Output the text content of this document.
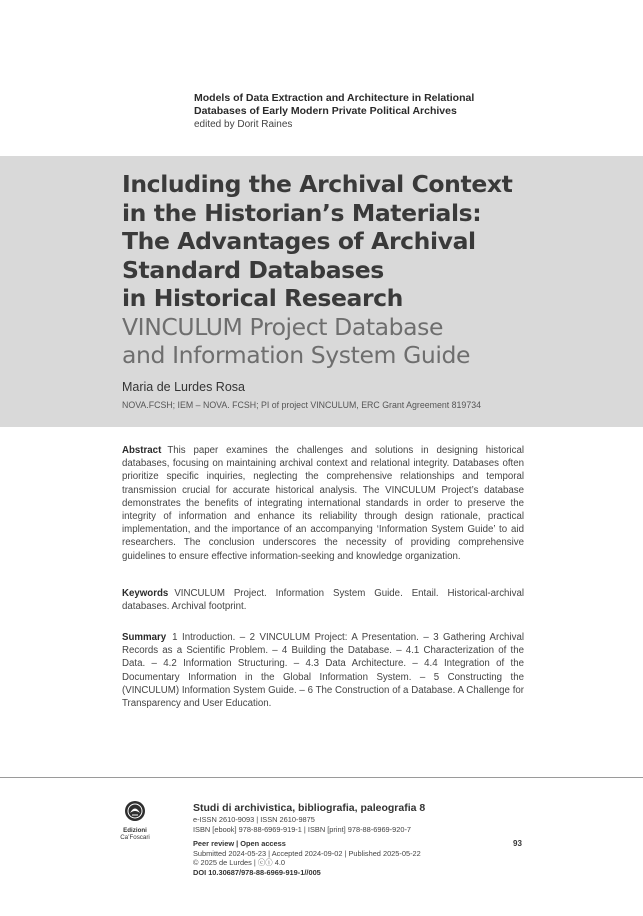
Models of Data Extraction and Architecture in Relational
Databases of Early Modern Private Political Archives
edited by Dorit Raines
Including the Archival Context
in the Historian’s Materials:
The Advantages of Archival
Standard Databases
in Historical Research
VINCULUM Project Database
and Information System Guide
Maria de Lurdes Rosa
NOVA.FCSH; IEM – NOVA. FCSH; PI of project VINCULUM, ERC Grant Agreement 819734

Abstract This paper examines the challenges and solutions in designing historical databases, focusing on maintaining archival context and relational integrity. Databases often prioritize specific inquiries, neglecting the comprehensive relationships and temporal transmission crucial for accurate historical analysis. The VINCULUM Project’s database demonstrates the benefits of integrating international standards in order to preserve the integrity of information and enhance its reliability through design rationale, practical implementation, and the importance of an accompanying ‘Information System Guide’ to aid researchers. The conclusion underscores the necessity of providing comprehensive guidelines to ensure effective information-seeking and knowledge organization.

Keywords VINCULUM Project. Information System Guide. Entail. Historical-archival databases. Archival footprint.

Summary 1 Introduction. – 2 VINCULUM Project: A Presentation. – 3 Gathering Archival Records as a Scientific Problem. – 4 Building the Database. – 4.1 Characterization of the Data. – 4.2 Information Structuring. – 4.3 Data Architecture. – 4.4 Integration of the Documentary Information in the Global Information System. – 5 Constructing the (VINCULUM) Information System Guide. – 6 The Construction of a Database. A Challenge for Transparency and User Education.

Edizioni
Ca’Foscari
Studi di archivistica, bibliografia, paleografia 8
e-ISSN 2610-9093 | ISSN 2610-9875
ISBN [ebook] 978-88-6969-919-1 | ISBN [print] 978-88-6969-920-7
Peer review | Open access
Submitted 2024-05-23 | Accepted 2024-09-02 | Published 2025-05-22
© 2025 de Lurdes | ⓒⓘ 4.0
DOI 10.30687/978-88-6969-919-1//005
93
